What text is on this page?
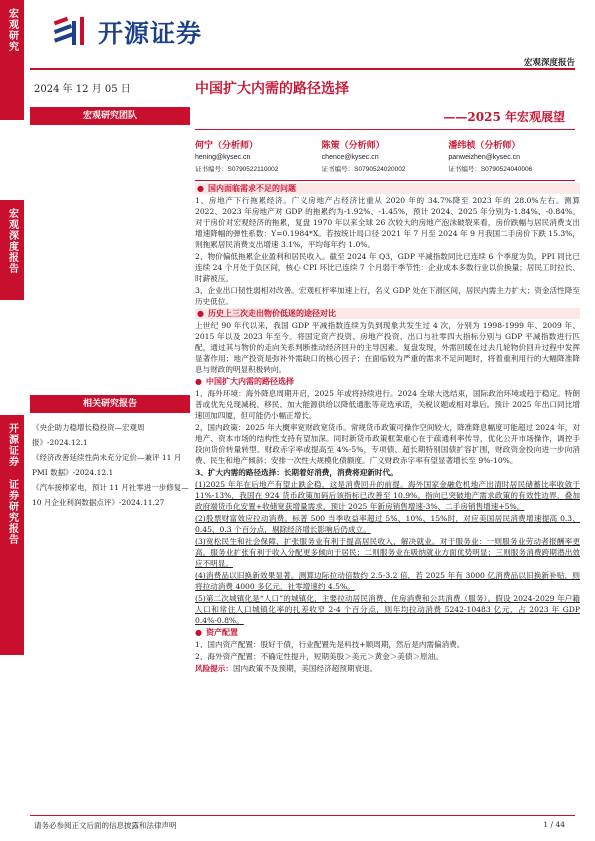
开源证券
宏观研究
宏观深度报告
开源证券 证券研究报告
宏观深度报告
2024 年 12 月 05 日	中国扩大内需的路径选择
宏观研究团队	——2025 年宏观展望
何宁（分析师）
hening@kysec.cn
证书编号：S0790522110002
陈策（分析师）
chence@kysec.cn
证书编号：S0790524020002
潘纬桢（分析师）
panweizhen@kysec.cn
证书编号：S0790524040006
相关研究报告
《央企助力稳增长稳投资—宏观周报》-2024.12.1
《经济改善延续性尚未充分定价—兼评 11 月 PMI 数据》-2024.12.1
《汽车接棒家电，预计 11 月社零进一步修复—10 月企业利润数据点评》-2024.11.27
● 国内面临需求不足的问题

1、房地产下行拖累经济。广义房地产占经济比重从 2020 年的 34.7%降至 2023 年的 28.0%左右。测算 2022、2023 年房地产对 GDP 的拖累约为-1.92%、-1.45%，预计 2024、2025 年分别为-1.84%、-0.84%。对于房价对宏观经济的拖累，复盘 1970 年以来全球 26 次较大的房地产泡沫破裂来看，房价跌幅与居民消费支出增速降幅的弹性系数：Y=0.1984*X。若按统计局口径 2021 年 7 月至 2024 年 9 月我国二手房价下跌 15.3%，则拖累居民消费支出增速 3.1%，平均每年约 1.0%。

2、物价偏低拖累企业盈利和居民收入。截至 2024 年 Q3，GDP 平减指数同比已连续 6 个季度为负，PPI 同比已连续 24 个月处于负区间，核心 CPI 环比已连续 7 个月弱于季节性：企业成本多数行业以价换量；居民工时拉长、时薪被压。

3、企业出口韧性弱相对改善。宏观杠杆率加速上行，名义 GDP 处在下滑区间，居民内需主力扩大；资金活性降至历史低位。

● 历史上三次走出物价低迷的途径对比

上世纪 90 年代以来，我国 GDP 平减指数连续为负到现象共发生过 4 次，分别为 1998-1999 年、2009 年、2015 年以及 2023 年至今。将国定资产投资、房地产投资、出口与社零四大指标分别与 GDP 平减指数进行匹配，通过其与物价的走向关系判断推动经济回升的主导因素。复盘发现，外需回暖在过去几轮物价回升过程中发挥显著作用；地产投资是弥补外需缺口的核心因子；在面临较为严重的需求不足问题时，将着重利用行的大幅降准降息与财政的明显积极转向。

● 中国扩大内需的路径选择

1、海外环境：海外降息周期开启，2025 年或将持续进行。2024 全球大选结束，国际政治环境或趋于稳定。特朗普或优先兑现减税、移民、加大能源供给以降低通胀等竞选承诺，关税议题或相对靠后。预计 2025 年出口同比增速回加四厦，但可能仍小幅正增长。

2、国内政策：2025 年大概率宽财政宽货币。常规货币政策可操作空间较大，降准降息幅度可能超过 2024 年，对地产、资本市场的结构性支持有望加深。同时新货币政策框架重心在于疏通利率传导，优化公开市场操作，调控手段向货价转量转型。财政赤字率或提高至 4%-5%，专项债、超长期特别国债扩容扩围，财政资金投向进一步向消费、民生和地产倾斜；安排一次性大规模化债额度。广义财政赤字率有望显著增长至 9%-10%。

3、扩大内需的路径选择：长期着好消费，消费将迎新时代。

(1)2025 年年在后地产有望止跌企稳，这是消费回升的前提。海外国家金融危机地产出清时居民储蓄比率收敛于 11%-13%，我国在 924 货币政策加码后该指标已改善至 10.9%。指向已突破地产需求政策的有效性边界，叠加政府端货币化安置+收储宽获增量需求，预计 2025 年新房销售增速-3%、二手房销售增速+5%。

(2)股票财富效应拉动消费。标普 500 当季收益率超过 5%、10%、15%时，对应美国居民消费增速提高 0.3、0.45、0.3 个百分点，剔除经济增长影响后仍成立。

(3)宽松民生和社会保障、扩张服务业有利于提高居民收入，解决就业。对于服务业：一则服务业劳动者报酬率更高，服务业扩张有利于收入分配更多倾向于居民；二则服务业在吸纳就业方面优势明显；三则服务消费跨期潜出效应不明显。

(4)消费品以旧换新效果显著。测算边际拉动倍数约 2.5-3.2 倍，若 2025 年有 3000 亿消费品以旧换新补贴，则将拉动消费 4000 多亿元，社零增速约 4.5%。

(5)第二次城镇化是“人口”的城镇化，主要拉动居民消费、住房消费和公共消费（服务）。假设 2024-2029 年户籍人口和常住人口城镇化率的扎差收窄 2-4 个百分点，则年均拉动消费 5242-10483 亿元，占 2023 年 GDP 0.4%-0.8%。

● 资产配置

1、国内资产配置：股好于债，行业配置先是科技+顺周期，然后是内需偏消费。

2、海外资产配置：不确定性提升，短期美股＞美元＞黄金＞美债＞原油。

风险提示：国内政策不及预期，美国经济超预期衰退。

请务必参阅正文后面的信息披露和法律声明	1 / 44
